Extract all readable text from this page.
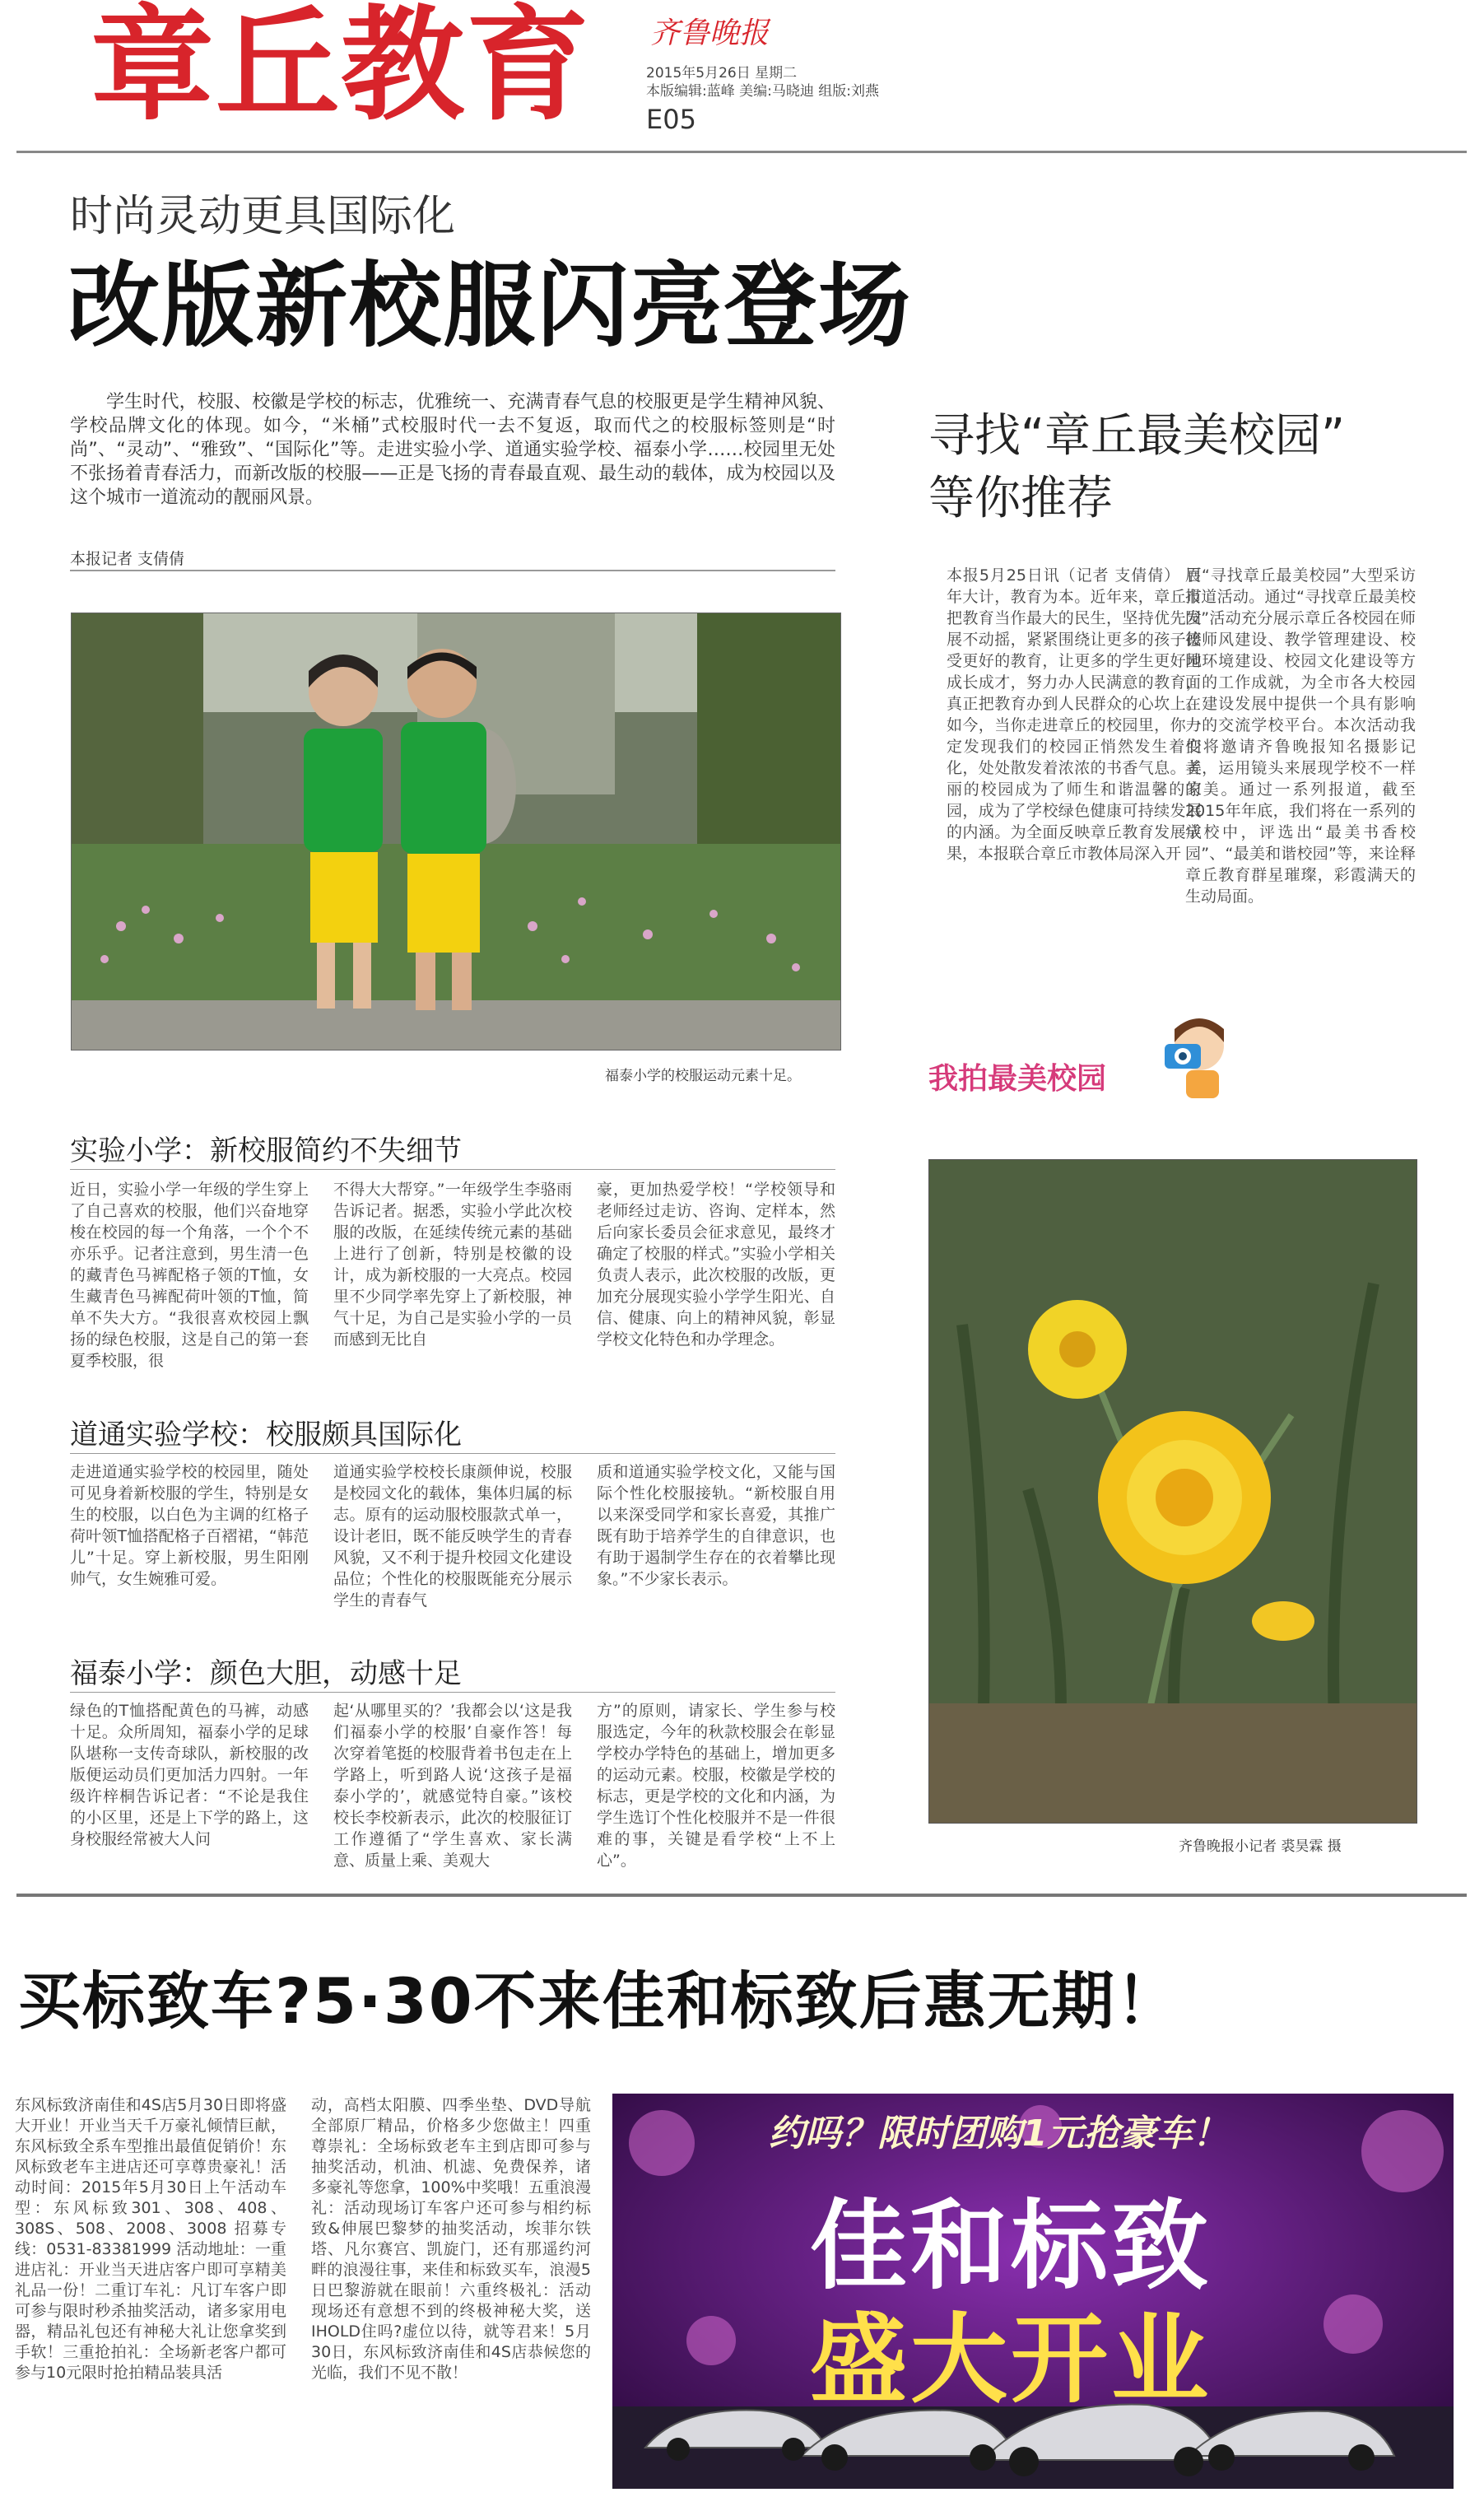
章丘教育	齐鲁晚报
2015年5月26日 星期二
本版编辑:蓝峰 美编:马晓迪 组版:刘燕
E05
时尚灵动更具国际化
改版新校服闪亮登场
学生时代，校服、校徽是学校的标志，优雅统一、充满青春气息的校服更是学生精神风貌、学校品牌文化的体现。如今，“米桶”式校服时代一去不复返，取而代之的校服标签则是“时尚”、“灵动”、“雅致”、“国际化”等。走进实验小学、道通实验学校、福泰小学……校园里无处不张扬着青春活力，而新改版的校服——正是飞扬的青春最直观、最生动的载体，成为校园以及这个城市一道流动的靓丽风景。
本报记者 支倩倩
福泰小学的校服运动元素十足。
实验小学：新校服简约不失细节
近日，实验小学一年级的学生穿上了自己喜欢的校服，他们兴奋地穿梭在校园的每一个角落，一个个不亦乐乎。记者注意到，男生清一色的藏青色马裤配格子领的T恤，女生藏青色马裤配荷叶领的T恤，简单不失大方。“我很喜欢校园上飘扬的绿色校服，这是自己的第一套夏季校服，很
不得大大帮穿。”一年级学生李骆雨告诉记者。据悉，实验小学此次校服的改版，在延续传统元素的基础上进行了创新，特别是校徽的设计，成为新校服的一大亮点。校园里不少同学率先穿上了新校服，神气十足，为自己是实验小学的一员而感到无比自
豪，更加热爱学校！“学校领导和老师经过走访、咨询、定样本，然后向家长委员会征求意见，最终才确定了校服的样式。”实验小学相关负责人表示，此次校服的改版，更加充分展现实验小学学生阳光、自信、健康、向上的精神风貌，彰显学校文化特色和办学理念。
道通实验学校：校服颇具国际化
走进道通实验学校的校园里，随处可见身着新校服的学生，特别是女生的校服，以白色为主调的红格子荷叶领T恤搭配格子百褶裙，“韩范儿”十足。穿上新校服，男生阳刚帅气，女生婉雅可爱。
道通实验学校校长康颜伸说，校服是校园文化的载体，集体归属的标志。原有的运动服校服款式单一，设计老旧，既不能反映学生的青春风貌，又不利于提升校园文化建设品位；个性化的校服既能充分展示学生的青春气
质和道通实验学校文化，又能与国际个性化校服接轨。“新校服自用以来深受同学和家长喜爱，其推广既有助于培养学生的自律意识，也有助于遏制学生存在的衣着攀比现象。”不少家长表示。
福泰小学：颜色大胆，动感十足
绿色的T恤搭配黄色的马裤，动感十足。众所周知，福泰小学的足球队堪称一支传奇球队，新校服的改版便运动员们更加活力四射。一年级许梓桐告诉记者：“不论是我住的小区里，还是上下学的路上，这身校服经常被大人问
起‘从哪里买的？’我都会以‘这是我们福泰小学的校服’自豪作答！每次穿着笔挺的校服背着书包走在上学路上，听到路人说‘这孩子是福泰小学的’，就感觉特自豪。”该校校长李校新表示，此次的校服征订工作遵循了“学生喜欢、家长满意、质量上乘、美观大
方”的原则，请家长、学生参与校服选定，今年的秋款校服会在彰显学校办学特色的基础上，增加更多的运动元素。校服，校徽是学校的标志，更是学校的文化和内涵，为学生选订个性化校服并不是一件很难的事，关键是看学校“上不上心”。
寻找“章丘最美校园”
等你推荐
本报5月25日讯（记者 支倩倩） 百年大计，教育为本。近年来，章丘市把教育当作最大的民生，坚持优先发展不动摇，紧紧围绕让更多的孩子接受更好的教育，让更多的学生更好地成长成才，努力办人民满意的教育，真正把教育办到人民群众的心坎上。如今，当你走进章丘的校园里，你一定发现我们的校园正悄然发生着变化，处处散发着浓浓的书香气息。美丽的校园成为了师生和谐温馨的家园，成为了学校绿色健康可持续发展的内涵。为全面反映章丘教育发展成果，本报联合章丘市教体局深入开
展“寻找章丘最美校园”大型采访报道活动。通过“寻找章丘最美校园”活动充分展示章丘各校园在师德师风建设、教学管理建设、校园环境建设、校园文化建设等方面的工作成就，为全市各大校园在建设发展中提供一个具有影响力的交流学校平台。本次活动我们将邀请齐鲁晚报知名摄影记者，运用镜头来展现学校不一样的美。通过一系列报道，截至2015年年底，我们将在一系列的学校中，评选出“最美书香校园”、“最美和谐校园”等，来诠释章丘教育群星璀璨，彩霞满天的生动局面。
我拍最美校园
齐鲁晚报小记者 裘昊霖 摄
买标致车?5·30不来佳和标致后惠无期！
东风标致济南佳和4S店5月30日即将盛大开业！开业当天千万豪礼倾情巨献，东风标致全系车型推出最值促销价！东风标致老车主进店还可享尊贵豪礼！活动时间：2015年5月30日上午活动车型：东风标致301、308、408、308S、508、2008、3008 招募专线：0531-83381999 活动地址：一重进店礼：开业当天进店客户即可享精美礼品一份！二重订车礼：凡订车客户即可参与限时秒杀抽奖活动，诸多家用电器，精品礼包还有神秘大礼让您拿奖到手软！三重抢拍礼：全场新老客户都可参与10元限时抢拍精品装具活
动，高档太阳膜、四季坐垫、DVD导航全部原厂精品，价格多少您做主！四重尊崇礼：全场标致老车主到店即可参与抽奖活动，机油、机滤、免费保养，诸多豪礼等您拿，100%中奖哦！五重浪漫礼：活动现场订车客户还可参与相约标致&伸展巴黎梦的抽奖活动，埃菲尔铁塔、凡尔赛宫、凯旋门，还有那遥约河畔的浪漫往事，来佳和标致买车，浪漫5日巴黎游就在眼前！六重终极礼：活动现场还有意想不到的终极神秘大奖，送IHOLD住吗?虚位以待，就等君来！5月30日，东风标致济南佳和4S店恭候您的光临，我们不见不散！
约吗？限时团购1元抢豪车！
佳和标致
盛大开业
